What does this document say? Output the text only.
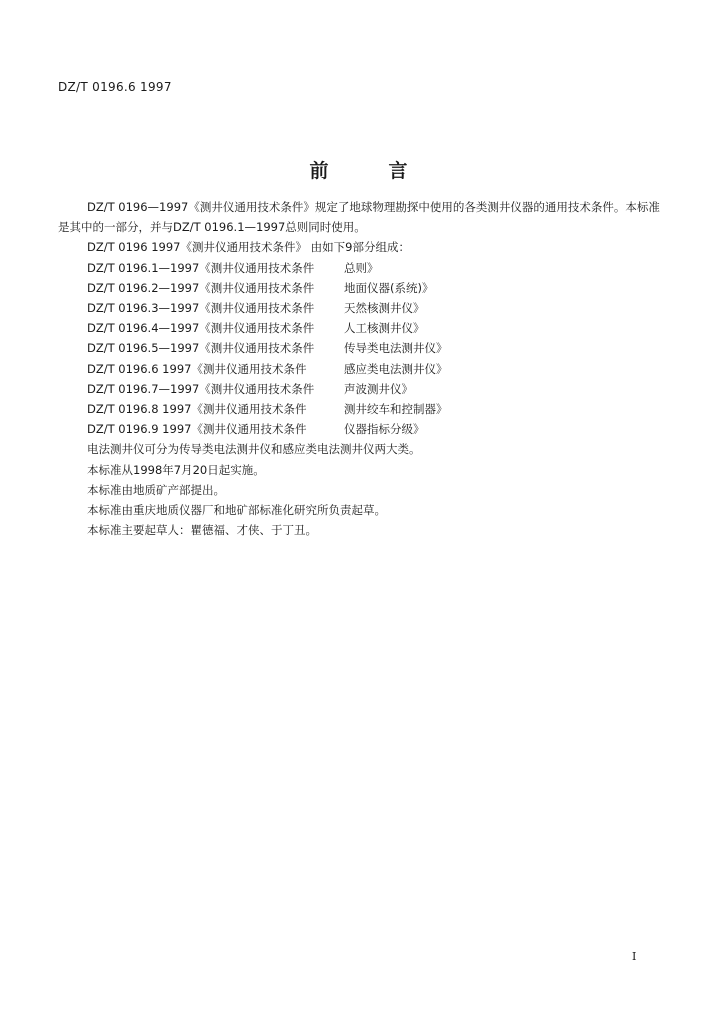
DZ/T 0196.6 1997
前言

DZ/T 0196—1997《测井仪通用技术条件》规定了地球物理勘探中使用的各类测井仪器的通用技术条件。本标准是其中的一部分，并与DZ/T 0196.1—1997总则同时使用。

DZ/T 0196 1997《测井仪通用技术条件》 由如下9部分组成：

DZ/T 0196.1—1997《测井仪通用技术条件	总则》

DZ/T 0196.2—1997《测井仪通用技术条件	地面仪器(系统)》

DZ/T 0196.3—1997《测井仪通用技术条件	天然核测井仪》

DZ/T 0196.4—1997《测井仪通用技术条件	人工核测井仪》

DZ/T 0196.5—1997《测井仪通用技术条件	传导类电法测井仪》

DZ/T 0196.6 1997《测井仪通用技术条件	感应类电法测井仪》

DZ/T 0196.7—1997《测井仪通用技术条件	声波测井仪》

DZ/T 0196.8 1997《测井仪通用技术条件	测井绞车和控制器》

DZ/T 0196.9 1997《测井仪通用技术条件	仪器指标分级》

电法测井仪可分为传导类电法测井仪和感应类电法测井仪两大类。

本标准从1998年7月20日起实施。

本标准由地质矿产部提出。

本标准由重庆地质仪器厂和地矿部标准化研究所负责起草。

本标准主要起草人：瞿德福、才侠、于丁丑。

I
